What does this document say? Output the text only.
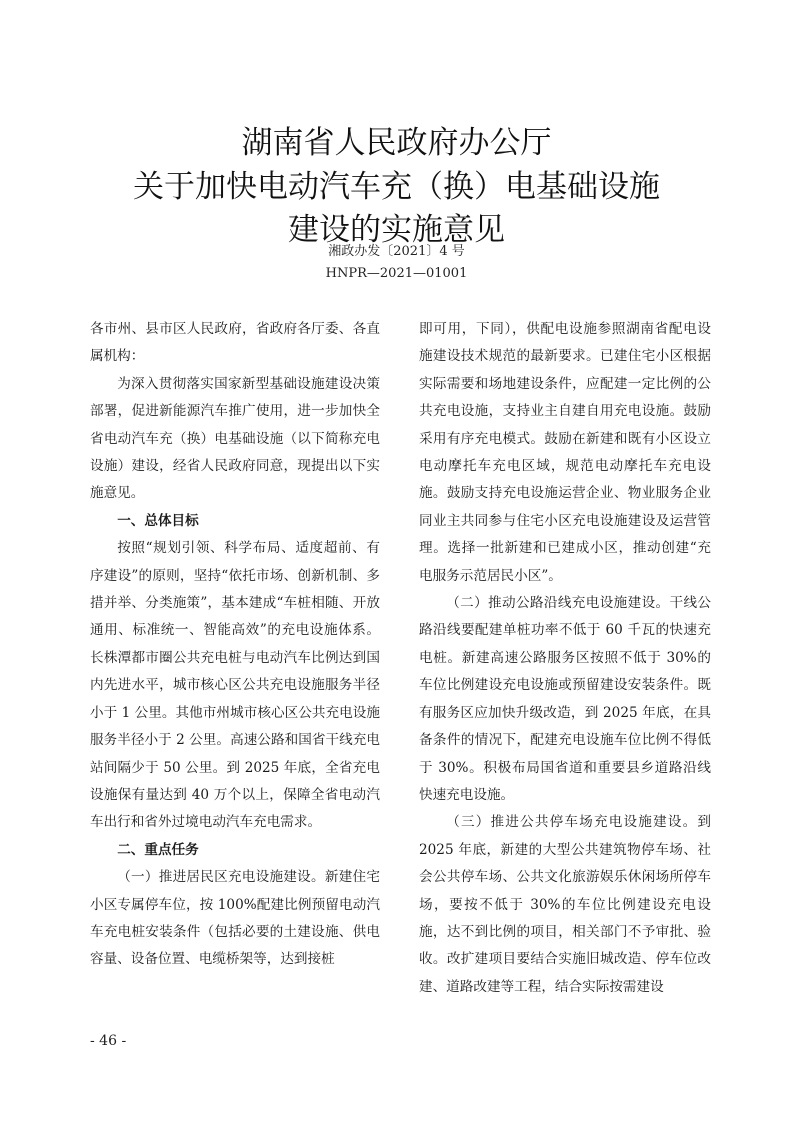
湖南省人民政府办公厅
关于加快电动汽车充（换）电基础设施
建设的实施意见
湘政办发〔2021〕4 号
HNPR—2021—01001

各市州、县市区人民政府，省政府各厅委、各直属机构：

为深入贯彻落实国家新型基础设施建设决策部署，促进新能源汽车推广使用，进一步加快全省电动汽车充（换）电基础设施（以下简称充电设施）建设，经省人民政府同意，现提出以下实施意见。

一、总体目标

按照“规划引领、科学布局、适度超前、有序建设”的原则，坚持“依托市场、创新机制、多措并举、分类施策”，基本建成“车桩相随、开放通用、标准统一、智能高效”的充电设施体系。长株潭都市圈公共充电桩与电动汽车比例达到国内先进水平，城市核心区公共充电设施服务半径小于 1 公里。其他市州城市核心区公共充电设施服务半径小于 2 公里。高速公路和国省干线充电站间隔少于 50 公里。到 2025 年底，全省充电设施保有量达到 40 万个以上，保障全省电动汽车出行和省外过境电动汽车充电需求。

二、重点任务

（一）推进居民区充电设施建设。新建住宅小区专属停车位，按 100%配建比例预留电动汽车充电桩安装条件（包括必要的土建设施、供电容量、设备位置、电缆桥架等，达到接桩

即可用，下同），供配电设施参照湖南省配电设施建设技术规范的最新要求。已建住宅小区根据实际需要和场地建设条件，应配建一定比例的公共充电设施，支持业主自建自用充电设施。鼓励采用有序充电模式。鼓励在新建和既有小区设立电动摩托车充电区域，规范电动摩托车充电设施。鼓励支持充电设施运营企业、物业服务企业同业主共同参与住宅小区充电设施建设及运营管理。选择一批新建和已建成小区，推动创建“充电服务示范居民小区”。

（二）推动公路沿线充电设施建设。干线公路沿线要配建单桩功率不低于 60 千瓦的快速充电桩。新建高速公路服务区按照不低于 30%的车位比例建设充电设施或预留建设安装条件。既有服务区应加快升级改造，到 2025 年底，在具备条件的情况下，配建充电设施车位比例不得低于 30%。积极布局国省道和重要县乡道路沿线快速充电设施。

（三）推进公共停车场充电设施建设。到 2025 年底，新建的大型公共建筑物停车场、社会公共停车场、公共文化旅游娱乐休闲场所停车场，要按不低于 30%的车位比例建设充电设施，达不到比例的项目，相关部门不予审批、验收。改扩建项目要结合实施旧城改造、停车位改建、道路改建等工程，结合实际按需建设

- 46 -
